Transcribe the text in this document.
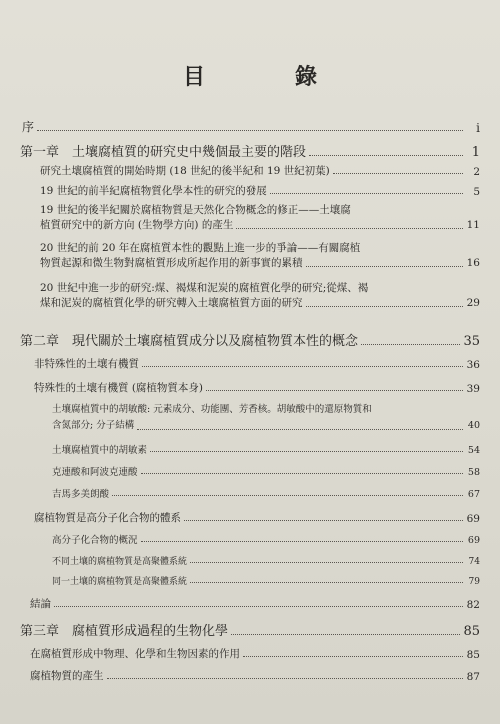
目　錄
序	i
第一章　土壤腐植質的研究史中幾個最主要的階段	1
研究土壤腐植質的開始時期 (18 世紀的後半紀和 19 世紀初葉)	2
19 世紀的前半紀腐植物質化學本性的研究的發展	5
19 世紀的後半紀關於腐植物質是天然化合物概念的修正——土壤腐
植質研究中的新方向 (生物學方向) 的產生	11
20 世紀的前 20 年在腐植質本性的觀點上進一步的爭論——有關腐植
物質起源和微生物對腐植質形成所起作用的新事實的累積	16
20 世紀中進一步的研究:煤、褐煤和泥炭的腐植質化學的研究;從煤、褐
煤和泥炭的腐植質化學的研究轉入土壤腐植質方面的研究	29
第二章　現代關於土壤腐植質成分以及腐植物質本性的概念	35
非特殊性的土壤有機質	36
特殊性的土壤有機質 (腐植物質本身)	39
土壤腐植質中的胡敏酸: 元素成分、功能團、芳香核。胡敏酸中的還原物質和
含氮部分; 分子結構	40
土壤腐植質中的胡敏素	54
克連酸和阿波克連酸	58
吉馬多美朗酸	67
腐植物質是高分子化合物的體系	69
高分子化合物的概況	69
不同土壤的腐植物質是高聚體系統	74
同一土壤的腐植物質是高聚體系統	79
結論	82
第三章　腐植質形成過程的生物化學	85
在腐植質形成中物理、化學和生物因素的作用	85
腐植物質的產生	87
